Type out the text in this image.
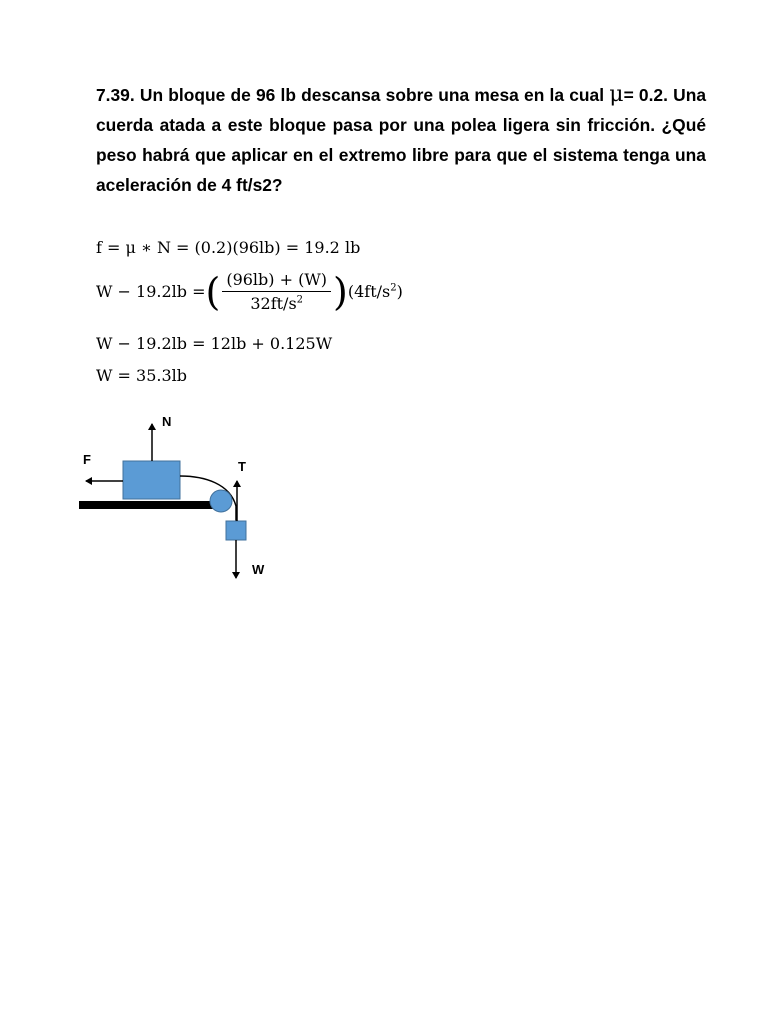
7.39. Un bloque de 96 lb descansa sobre una mesa en la cual μ= 0.2. Una cuerda atada a este bloque pasa por una polea ligera sin fricción. ¿Qué peso habrá que aplicar en el extremo libre para que el sistema tenga una aceleración de 4 ft/s2?
f = μ ∗ N = (0.2)(96lb) = 19.2 lb
W − 19.2lb = ( $\frac{(96lb) + (W)}{32ft/s^2}$ ) $(4ft/s^2)$
W − 19.2lb = 12lb + 0.125W
W = 35.3lb
N
F	T
W
